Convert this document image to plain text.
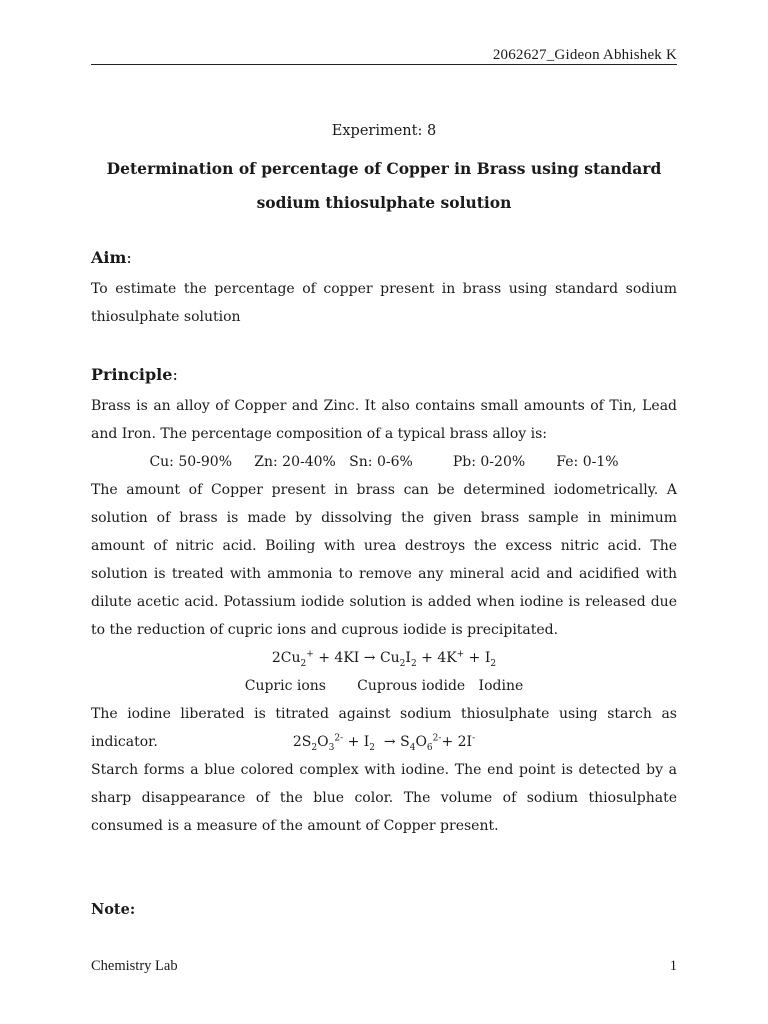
2062627_Gideon Abhishek K
Experiment: 8
Determination of percentage of Copper in Brass using standard sodium thiosulphate solution
Aim:
To estimate the percentage of copper present in brass using standard sodium thiosulphate solution
Principle:
Brass is an alloy of Copper and Zinc. It also contains small amounts of Tin, Lead and Iron. The percentage composition of a typical brass alloy is:
Cu: 50-90%     Zn: 20-40%   Sn: 0-6%         Pb: 0-20%       Fe: 0-1%
The amount of Copper present in brass can be determined iodometrically. A solution of brass is made by dissolving the given brass sample in minimum amount of nitric acid. Boiling with urea destroys the excess nitric acid. The solution is treated with ammonia to remove any mineral acid and acidified with dilute acetic acid. Potassium iodide solution is added when iodine is released due to the reduction of cupric ions and cuprous iodide is precipitated.
$2Cu_2^+ + 4KI \to Cu_2I_2 + 4K^+ + I_2$
Cupric ions       Cuprous iodide   Iodine
The iodine liberated is titrated against sodium thiosulphate using starch as indicator.	$2S_2O_3^{2-} + I_2 \to S_4O_6^{2-}+ 2I^-$
Starch forms a blue colored complex with iodine. The end point is detected by a sharp disappearance of the blue color. The volume of sodium thiosulphate consumed is a measure of the amount of Copper present.
Note:
Chemistry Lab	1
